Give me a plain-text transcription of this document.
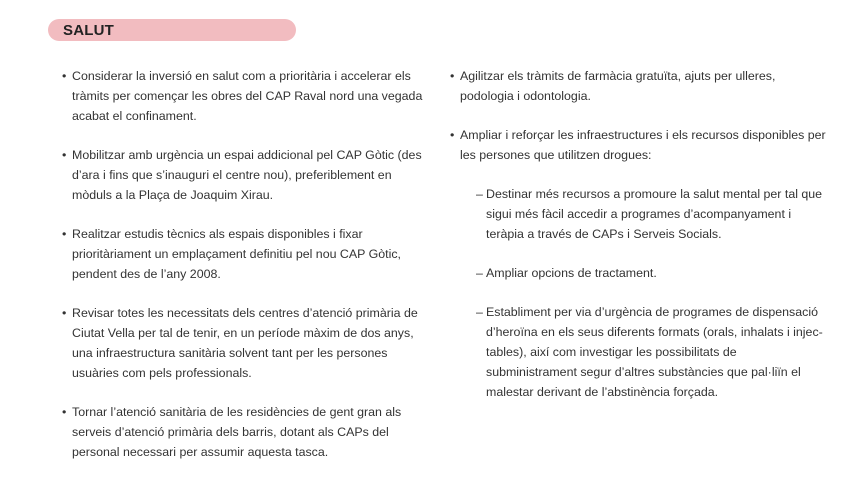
SALUT

• Considerar la inversió en salut com a prioritària i accelerar els tràmits per començar les obres del CAP Raval nord una vegada acabat el confinament.

• Mobilitzar amb urgència un espai addicional pel CAP Gòtic (des d’ara i fins que s’inauguri el centre nou), preferiblement en mòduls a la Plaça de Joaquim Xirau.

• Realitzar estudis tècnics als espais disponibles i fixar prioritàriament un emplaçament definitiu pel nou CAP Gòtic, pendent des de l’any 2008.

• Revisar totes les necessitats dels centres d’atenció primària de Ciutat Vella per tal de tenir, en un període màxim de dos anys, una infraestructura sanitària solvent tant per les persones usuàries com pels professionals.

• Tornar l’atenció sanitària de les residències de gent gran als serveis d’atenció primària dels barris, dotant als CAPs del personal necessari per assumir aquesta tasca.

• Agilitzar els tràmits de farmàcia gratuïta, ajuts per ulleres, podologia i odontologia.

• Ampliar i reforçar les infraestructures i els recursos disponibles per les persones que utilitzen drogues:

– Destinar més recursos a promoure la salut mental per tal que sigui més fàcil accedir a programes d’acompanyament i teràpia a través de CAPs i Serveis Socials.

– Ampliar opcions de tractament.

– Establiment per via d’urgència de programes de dispensació d’heroïna en els seus diferents formats (orals, inhalats i injec-tables), així com investigar les possibilitats de subministrament segur d’altres substàncies que pal·liïn el malestar derivant de l’abstinència forçada.
